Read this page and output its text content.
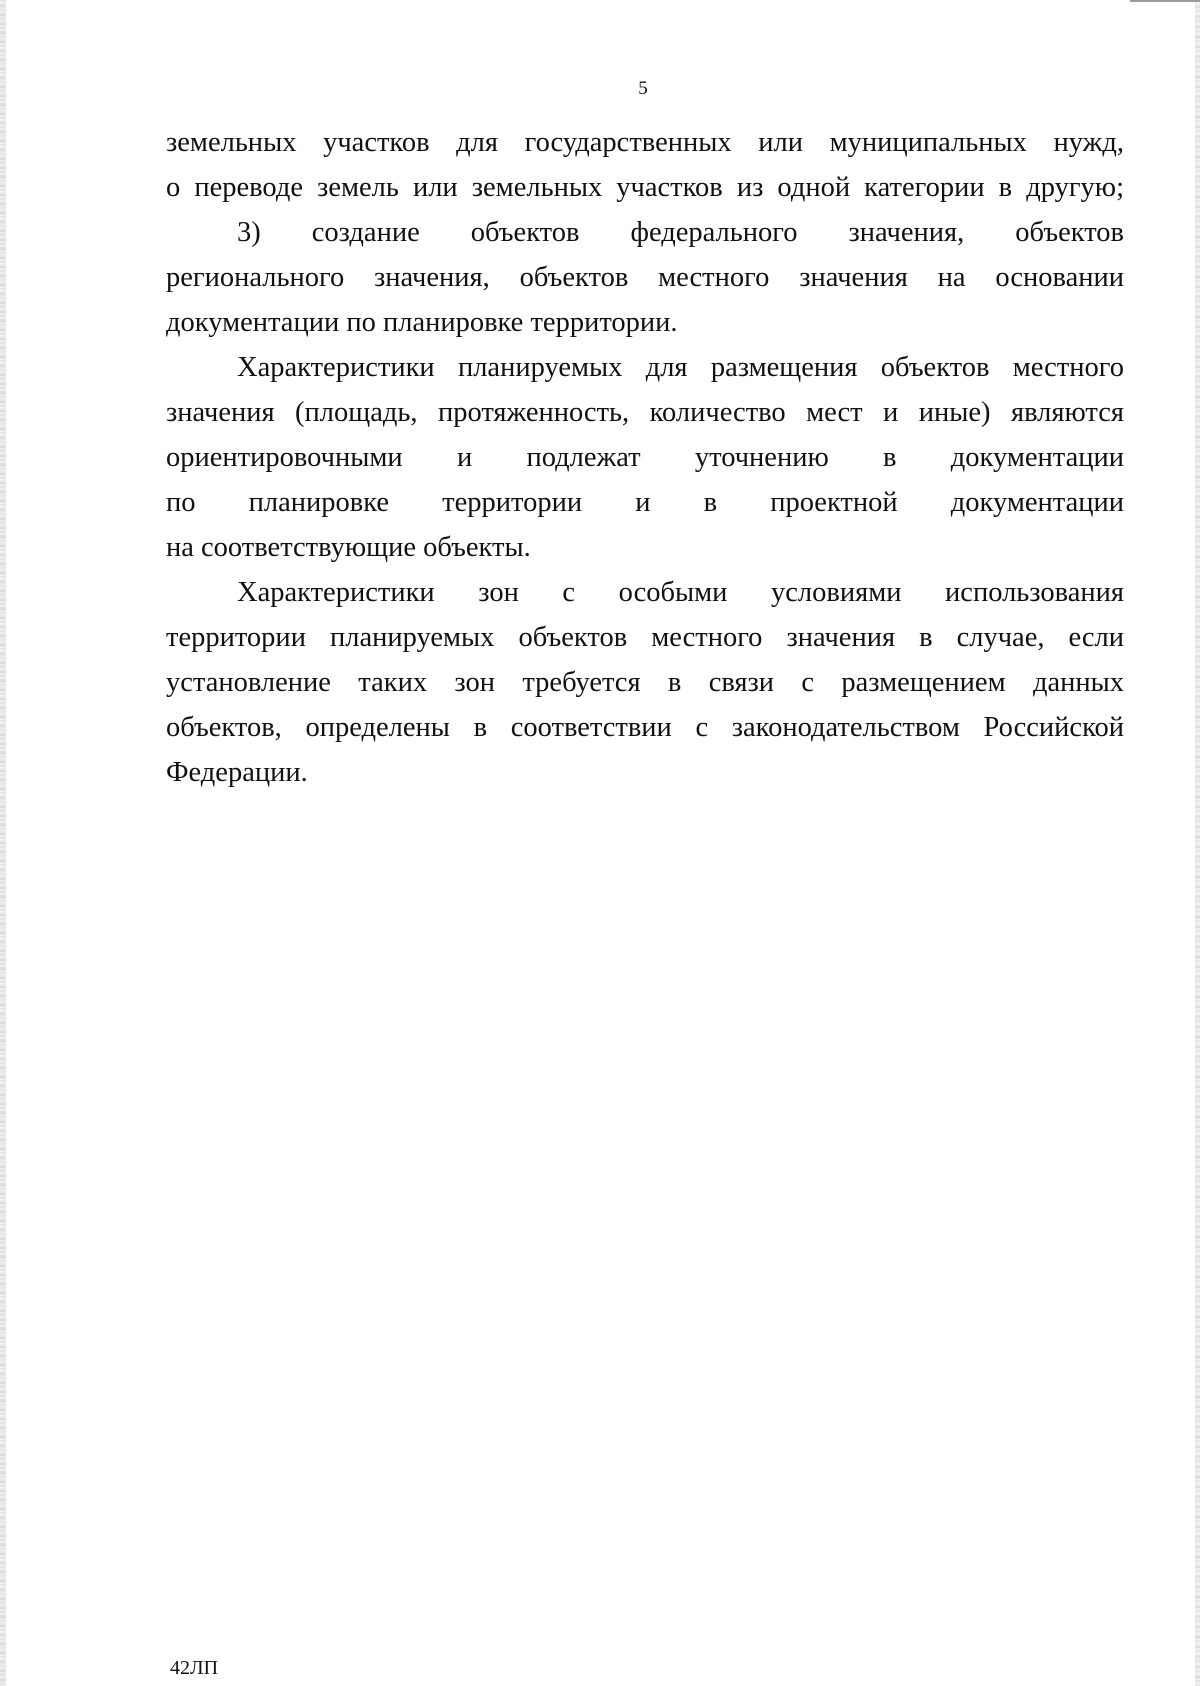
5
земельных участков для государственных или муниципальных нужд,
о переводе земель или земельных участков из одной категории в другую;
3) создание объектов федерального значения, объектов
регионального значения, объектов местного значения на основании
документации по планировке территории.
Характеристики планируемых для размещения объектов местного
значения (площадь, протяженность, количество мест и иные) являются
ориентировочными и подлежат уточнению в документации
по планировке территории и в проектной документации
на соответствующие объекты.
Характеристики зон с особыми условиями использования
территории планируемых объектов местного значения в случае, если
установление таких зон требуется в связи с размещением данных
объектов, определены в соответствии с законодательством Российской
Федерации.
42ЛП
